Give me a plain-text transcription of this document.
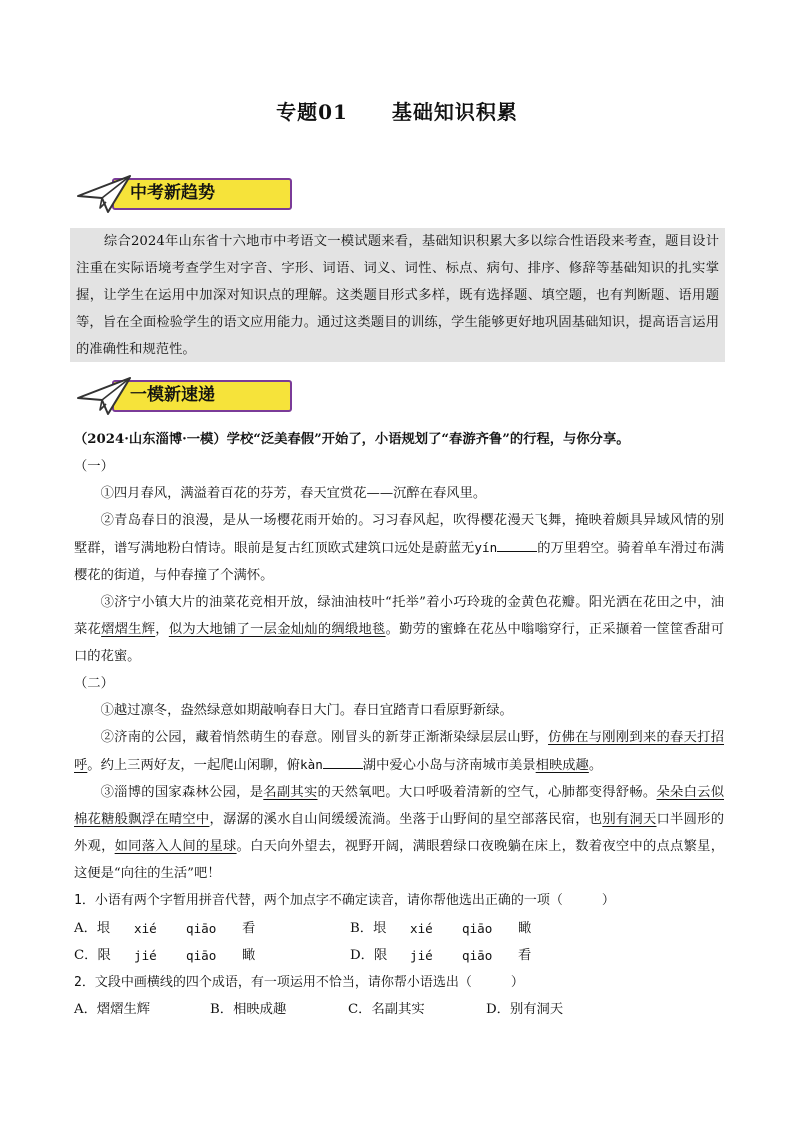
专题01 基础知识积累
中考新趋势

综合2024年山东省十六地市中考语文一模试题来看，基础知识积累大多以综合性语段来考查，题目设计注重在实际语境考查学生对字音、字形、词语、词义、词性、标点、病句、排序、修辞等基础知识的扎实掌握，让学生在运用中加深对知识点的理解。这类题目形式多样，既有选择题、填空题，也有判断题、语用题等，旨在全面检验学生的语文应用能力。通过这类题目的训练，学生能够更好地巩固基础知识，提高语言运用的准确性和规范性。

一模新速递

（2024·山东淄博·一模）学校“泛美春假”开始了，小语规划了“春游齐鲁”的行程，与你分享。

（一）

①四月春风，满溢着百花的芬芳，春天宜赏花——沉醉在春风里。

②青岛春日的浪漫，是从一场樱花雨开始的。习习春风起，吹得樱花漫天飞舞，掩映着颇具异域风情的别墅群，谱写满地粉白情诗。眼前是复古红顶欧式建筑口远处是蔚蓝无yín	的万里碧空。骑着单车滑过布满樱花的街道，与仲春撞了个满怀。

③济宁小镇大片的油菜花竞相开放，绿油油枝叶“托举”着小巧玲珑的金黄色花瓣。阳光洒在花田之中，油菜花熠熠生辉，似为大地铺了一层金灿灿的绸缎地毯。勤劳的蜜蜂在花丛中嗡嗡穿行，正采撷着一筐筐香甜可口的花蜜。

（二）

①越过凛冬，盎然绿意如期敲响春日大门。春日宜踏青口看原野新绿。

②济南的公园，藏着悄然萌生的春意。刚冒头的新芽正渐渐染绿层层山野，仿佛在与刚刚到来的春天打招呼。约上三两好友，一起爬山闲聊，俯kàn	湖中爱心小岛与济南城市美景相映成趣。

③淄博的国家森林公园，是名副其实的天然氧吧。大口呼吸着清新的空气，心肺都变得舒畅。朵朵白云似棉花糖般飘浮在晴空中，潺潺的溪水自山间缓缓流淌。坐落于山野间的星空部落民宿，也别有洞天口半圆形的外观，如同落入人间的星球。白天向外望去，视野开阔，满眼碧绿口夜晚躺在床上，数着夜空中的点点繁星，这便是“向往的生活”吧！

1．小语有两个字暂用拼音代替，两个加点字不确定读音，请你帮他选出正确的一项（　　　）

A．垠 xié qiāo 看	B．垠 xié qiāo 瞰
C．限 jié qiāo 瞰	D．限 jié qiāo 看
2．文段中画横线的四个成语，有一项运用不恰当，请你帮小语选出（　　　）
A．熠熠生辉	B．相映成趣	C．名副其实	D．别有洞天
